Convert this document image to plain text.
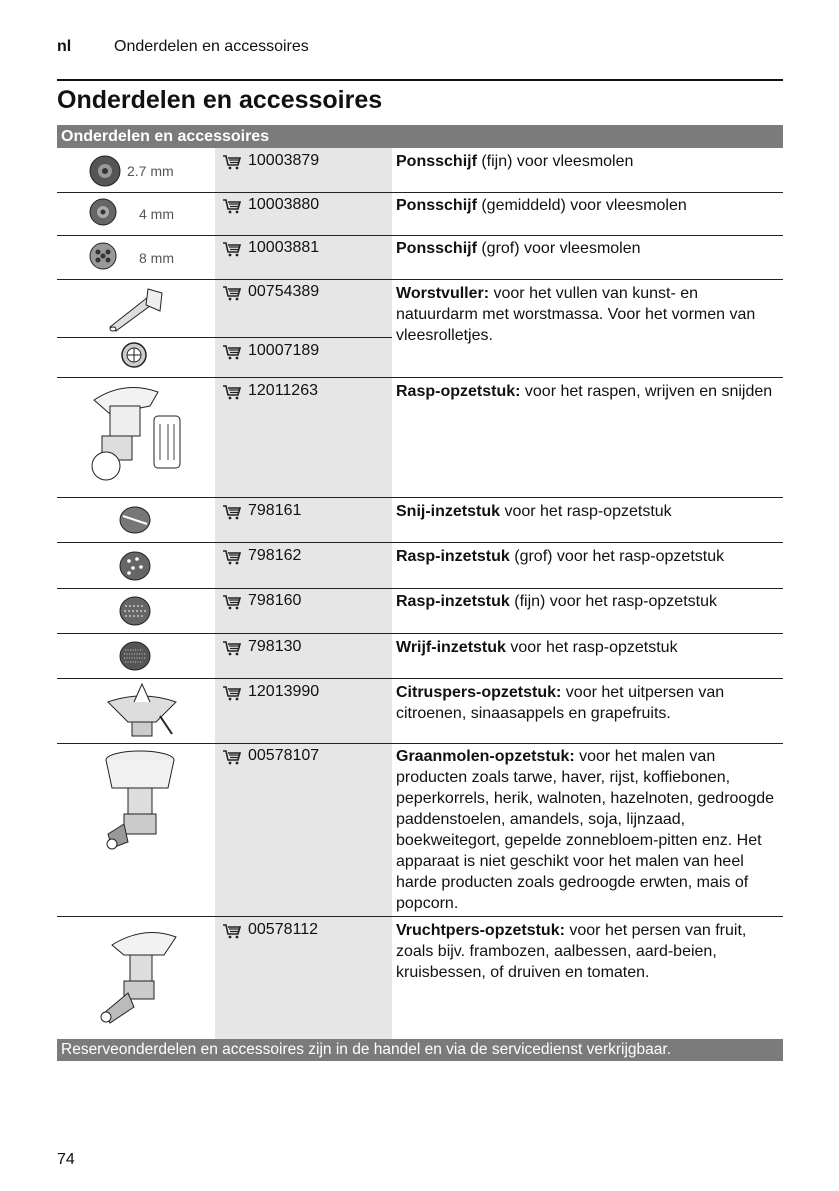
nl	Onderdelen en accessoires
Onderdelen en accessoires
Onderdelen en accessoires
2.7 mm
10003879	Ponsschijf (fijn) voor vleesmolen
4 mm
10003880	Ponsschijf (gemiddeld) voor vleesmolen
8 mm
10003881	Ponsschijf (grof) voor vleesmolen
00754389	Worstvuller: voor het vullen van kunst- en natuurdarm met worstmassa. Voor het vormen van vleesrolletjes.
10007189
12011263	Rasp-opzetstuk: voor het raspen, wrijven en snijden
798161	Snij-inzetstuk voor het rasp-opzetstuk
798162	Rasp-inzetstuk (grof) voor het rasp-opzetstuk
798160	Rasp-inzetstuk (fijn) voor het rasp-opzetstuk
798130	Wrijf-inzetstuk voor het rasp-opzetstuk
12013990	Citruspers-opzetstuk: voor het uitpersen van citroenen, sinaasappels en grapefruits.
00578107	Graanmolen-opzetstuk: voor het malen van producten zoals tarwe, haver, rijst, koffiebonen, peperkorrels, herik, walnoten, hazelnoten, gedroogde paddenstoelen, amandels, soja, lijnzaad, boekweitegort, gepelde zonnebloem-pitten enz. Het apparaat is niet geschikt voor het malen van heel harde producten zoals gedroogde erwten, mais of popcorn.
00578112	Vruchtpers-opzetstuk: voor het persen van fruit, zoals bijv. frambozen, aalbessen, aard-beien, kruisbessen, of druiven en tomaten.
Reserveonderdelen en accessoires zijn in de handel en via de servicedienst verkrijgbaar.
74
